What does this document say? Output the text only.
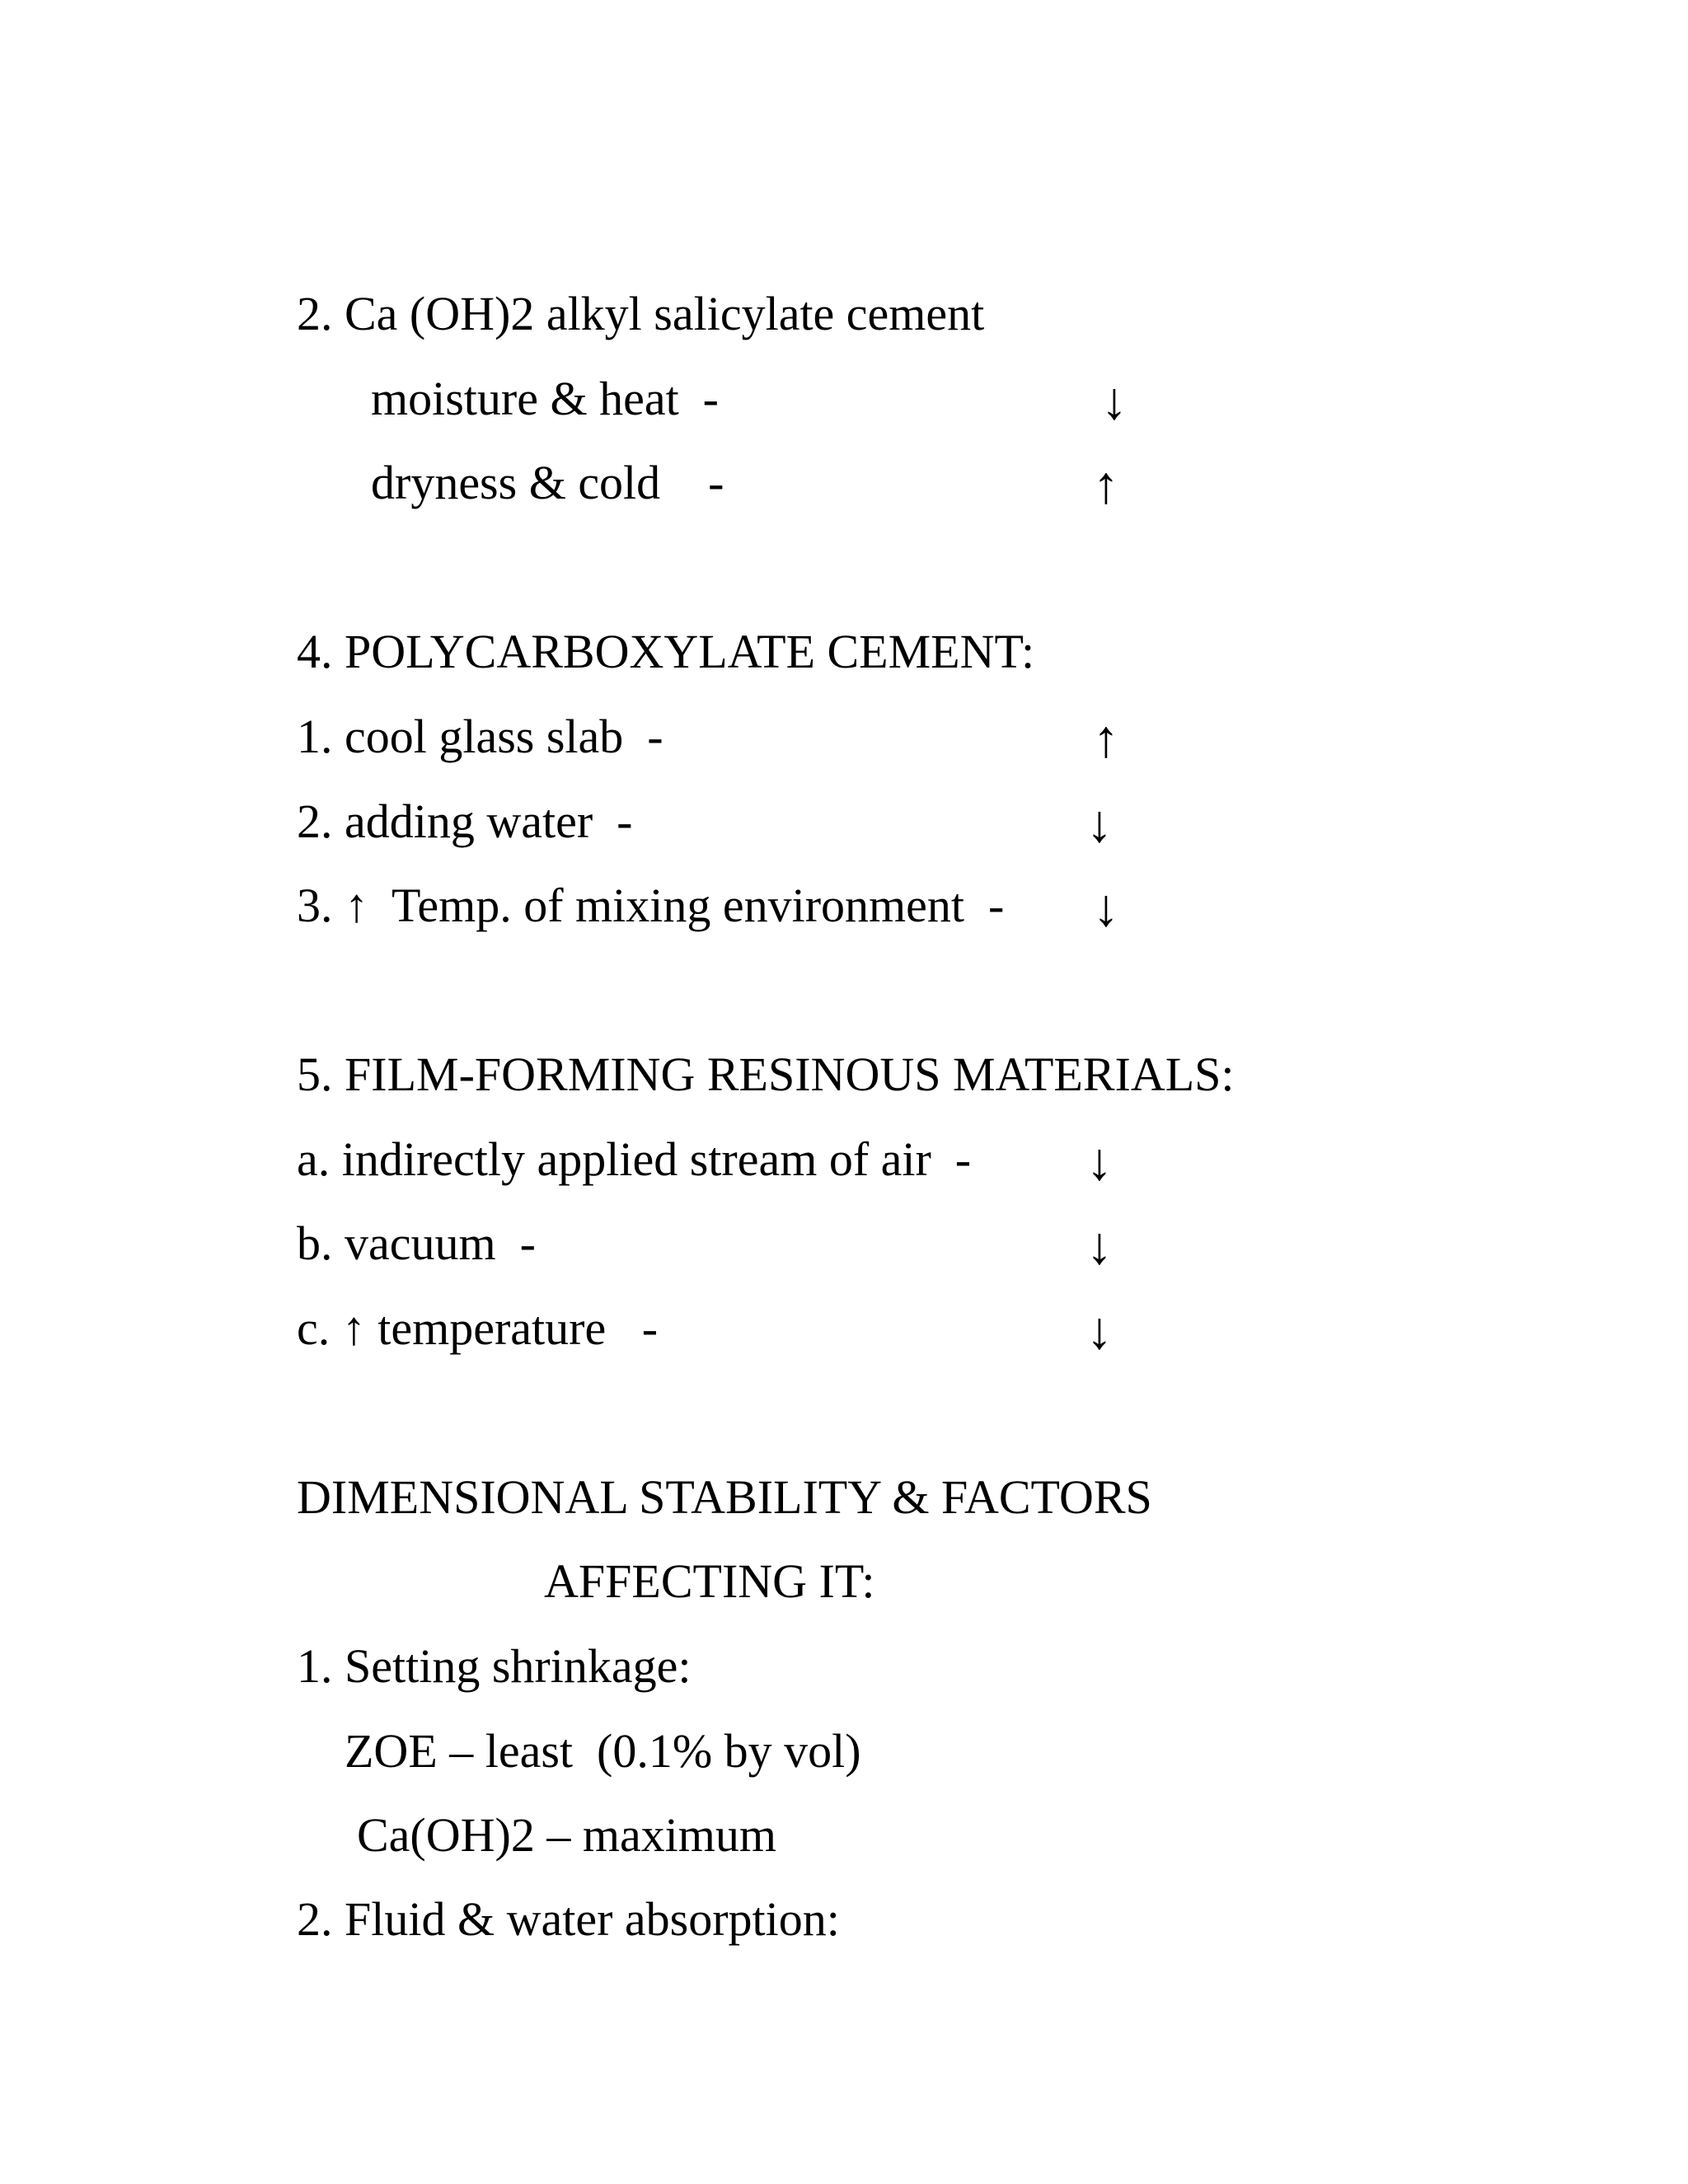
2. Ca (OH)2 alkyl salicylate cement
moisture & heat  -	↓
dryness & cold    -	↑
4. POLYCARBOXYLATE CEMENT:
1. cool glass slab  -	↑
2. adding water  -	↓
3. ↑  Temp. of mixing environment  - ↓
5. FILM-FORMING RESINOUS MATERIALS:
a. indirectly applied stream of air  - ↓
b. vacuum  -	↓
c. ↑ temperature   -	↓
DIMENSIONAL STABILITY & FACTORS
AFFECTING IT:
1. Setting shrinkage:
ZOE – least  (0.1% by vol)
Ca(OH)2 – maximum
2. Fluid & water absorption:
